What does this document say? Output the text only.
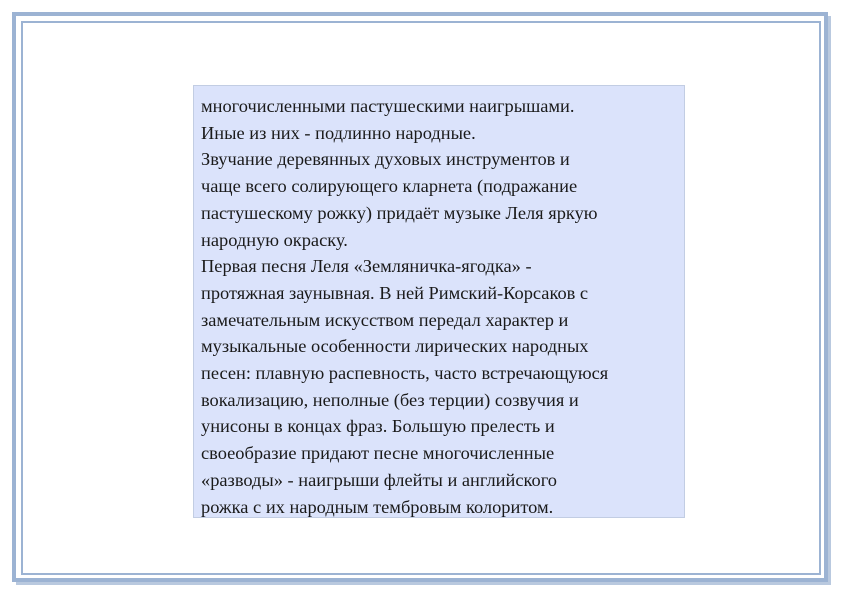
многочисленными пастушескими наигрышами.
Иные из них - подлинно народные.
Звучание деревянных духовых инструментов и
чаще всего солирующего кларнета (подражание
пастушескому рожку) придаёт музыке Леля яркую
народную окраску.
Первая песня Леля «Земляничка-ягодка» -
протяжная заунывная. В ней Римский-Корсаков с
замечательным искусством передал характер и
музыкальные особенности лирических народных
песен: плавную распевность, часто встречающуюся
вокализацию, неполные (без терции) созвучия и
унисоны в концах фраз. Большую прелесть и
своеобразие придают песне многочисленные
«разводы» - наигрыши флейты и английского
рожка с их народным тембровым колоритом.
